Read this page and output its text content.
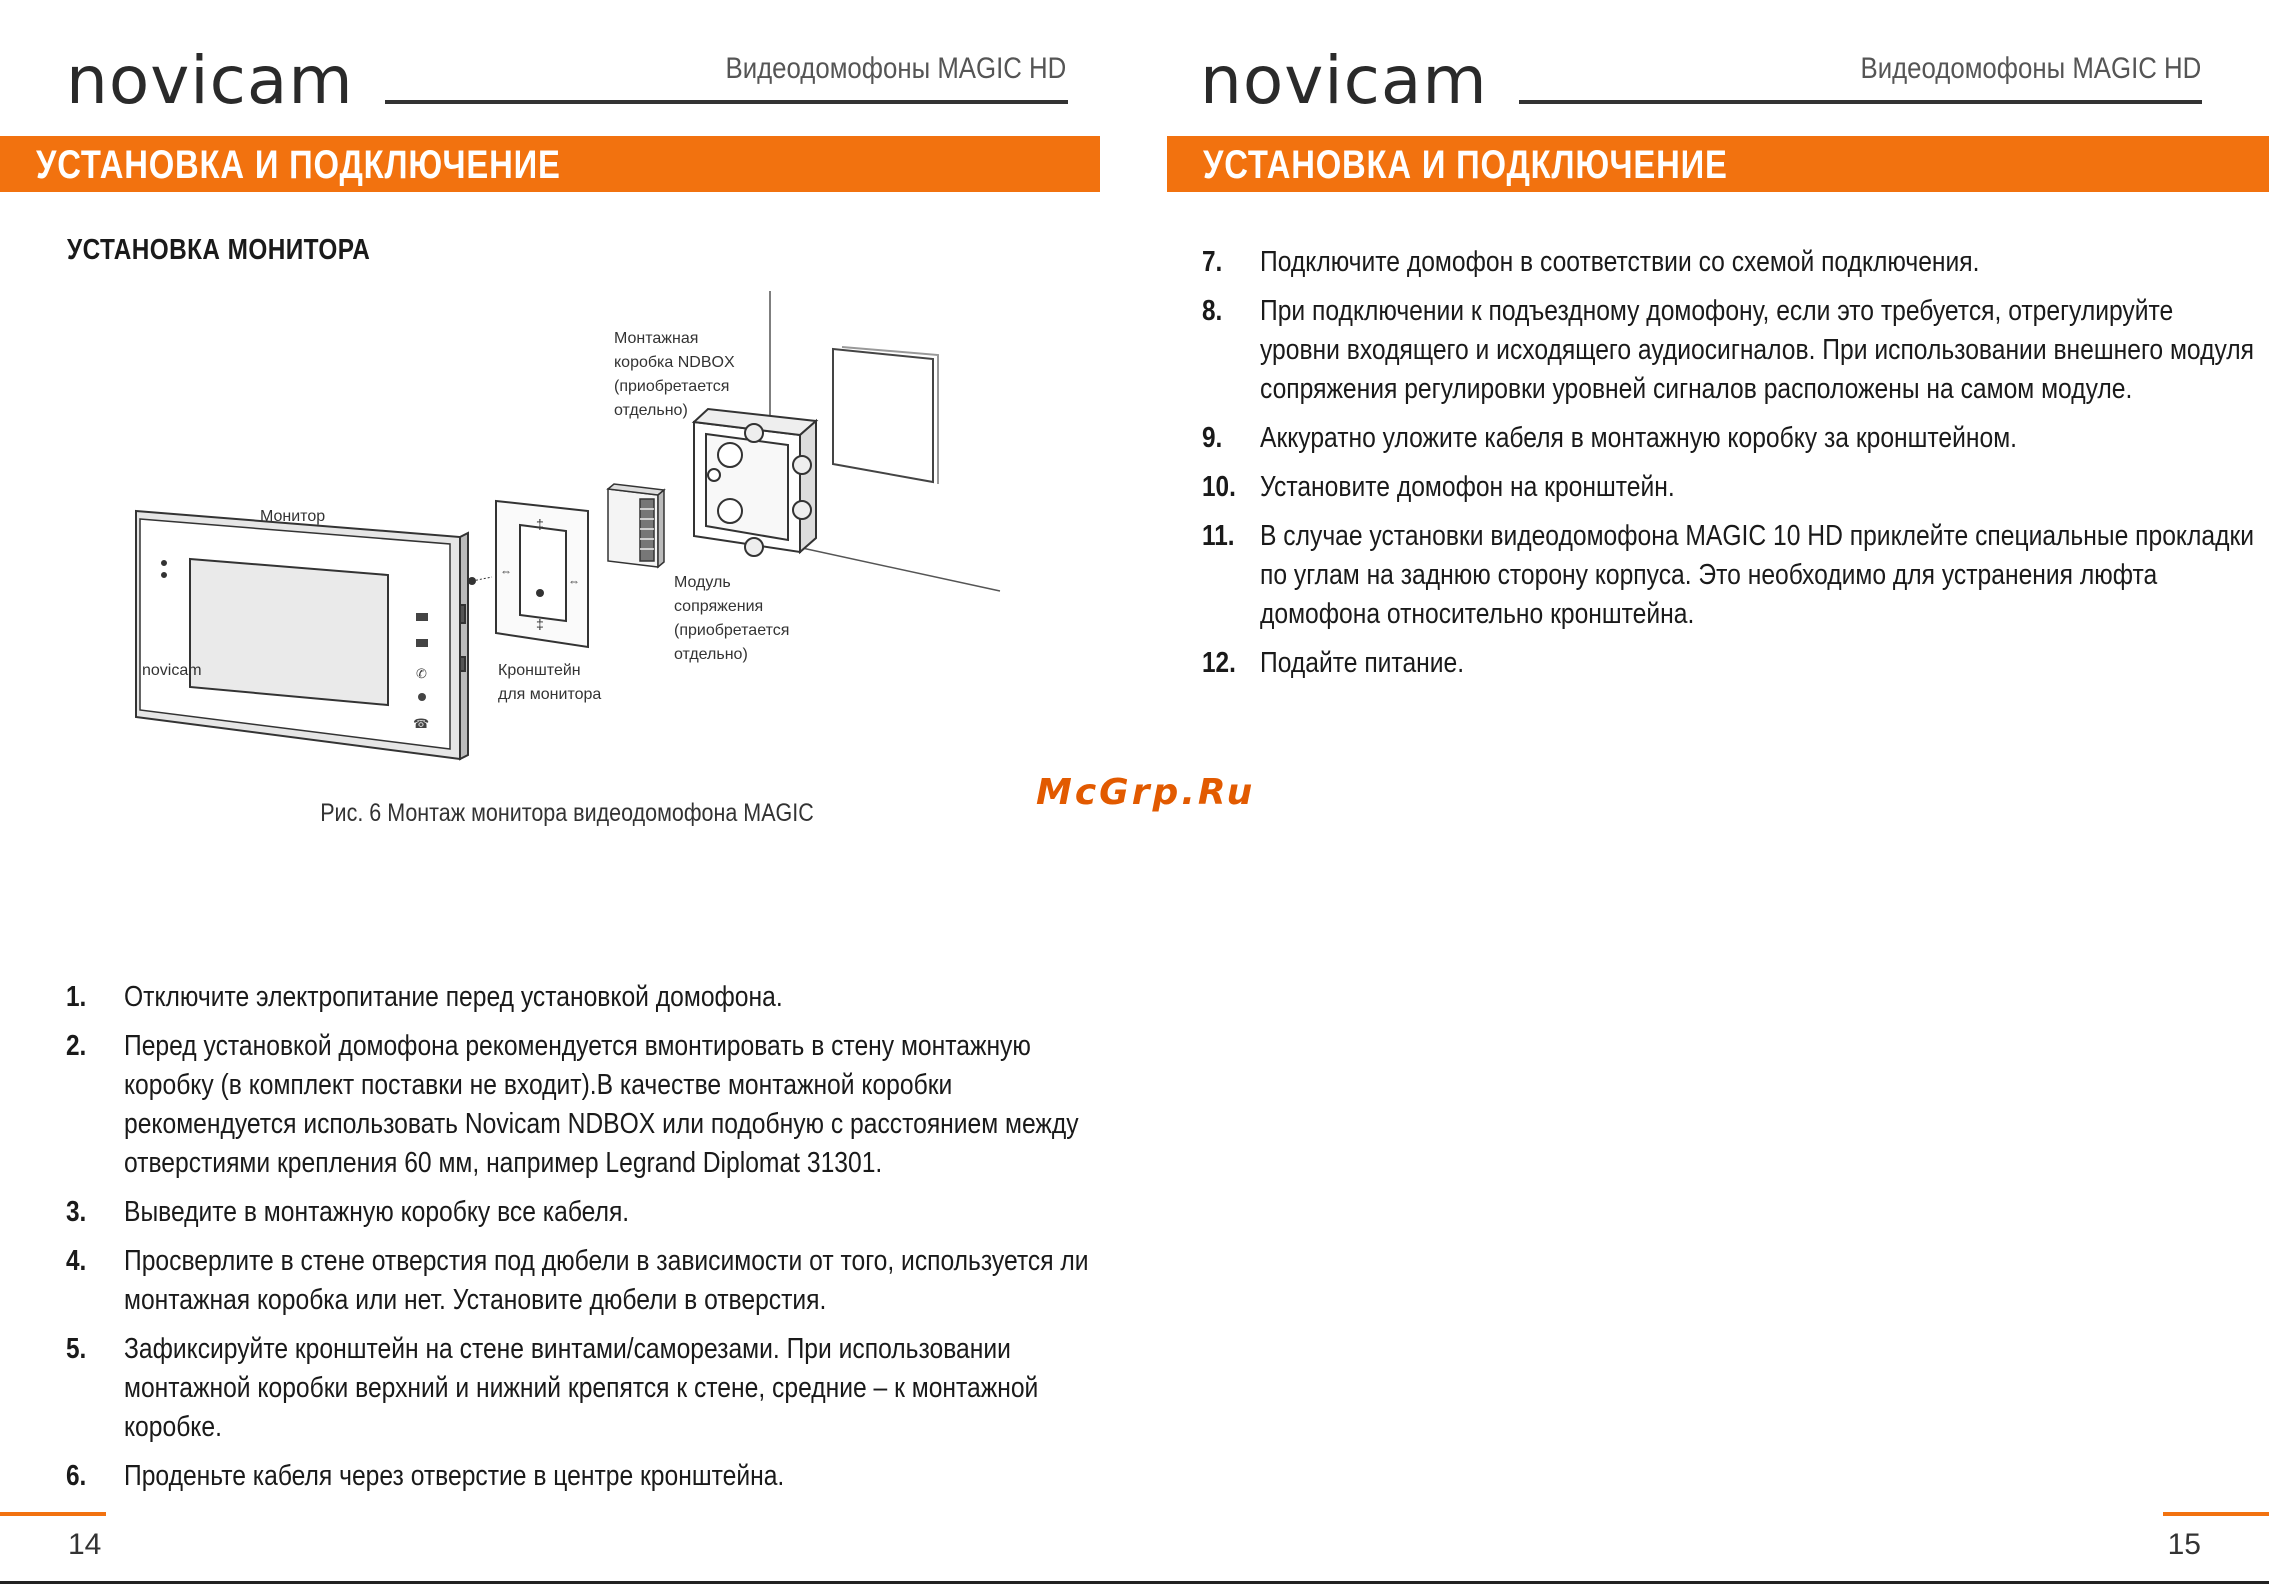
novicam	Видеодомофоны MAGIC HD
УСТАНОВКА И ПОДКЛЮЧЕНИЕ
УСТАНОВКА МОНИТОРА
‡
‡
⇔
⇔
✆
☎
Монитор
novicam
Монтажная
коробка NDBOX
(приобретается
отдельно)
Модуль
сопряжения
(приобретается
отдельно)
Кронштейн
для монитора
Рис. 6 Монтаж монитора видеодомофона MAGIC
1. Отключите электропитание перед установкой домофона.
2. Перед установкой домофона рекомендуется вмонтировать в стену монтажную коробку (в комплект поставки не входит).В качестве монтажной коробки рекомендуется использовать Novicam NDBOX или подобную с расстоянием между отверстиями крепления 60 мм, например Legrand Diplomat 31301.
3. Выведите в монтажную коробку все кабеля.
4. Просверлите в стене отверстия под дюбели в зависимости от того, используется ли монтажная коробка или нет. Установите дюбели в отверстия.
5. Зафиксируйте кронштейн на стене винтами/саморезами. При использовании монтажной коробки верхний и нижний крепятся к стене, средние – к монтажной коробке.
6. Проденьте кабеля через отверстие в центре кронштейна.
14
novicam	Видеодомофоны MAGIC HD
УСТАНОВКА И ПОДКЛЮЧЕНИЕ
7. Подключите домофон в соответствии со схемой подключения.
8. При подключении к подъездному домофону, если это требуется, отрегулируйте уровни входящего и исходящего аудиосигналов. При использовании внешнего модуля сопряжения регулировки уровней сигналов расположены на самом модуле.
9. Аккуратно уложите кабеля в монтажную коробку за кронштейном.
10. Установите домофон на кронштейн.
11. В случае установки видеодомофона MAGIC 10 HD приклейте специальные прокладки по углам на заднюю сторону корпуса. Это необходимо для устранения люфта домофона относительно кронштейна.
12. Подайте питание.
15
McGrp.Ru
